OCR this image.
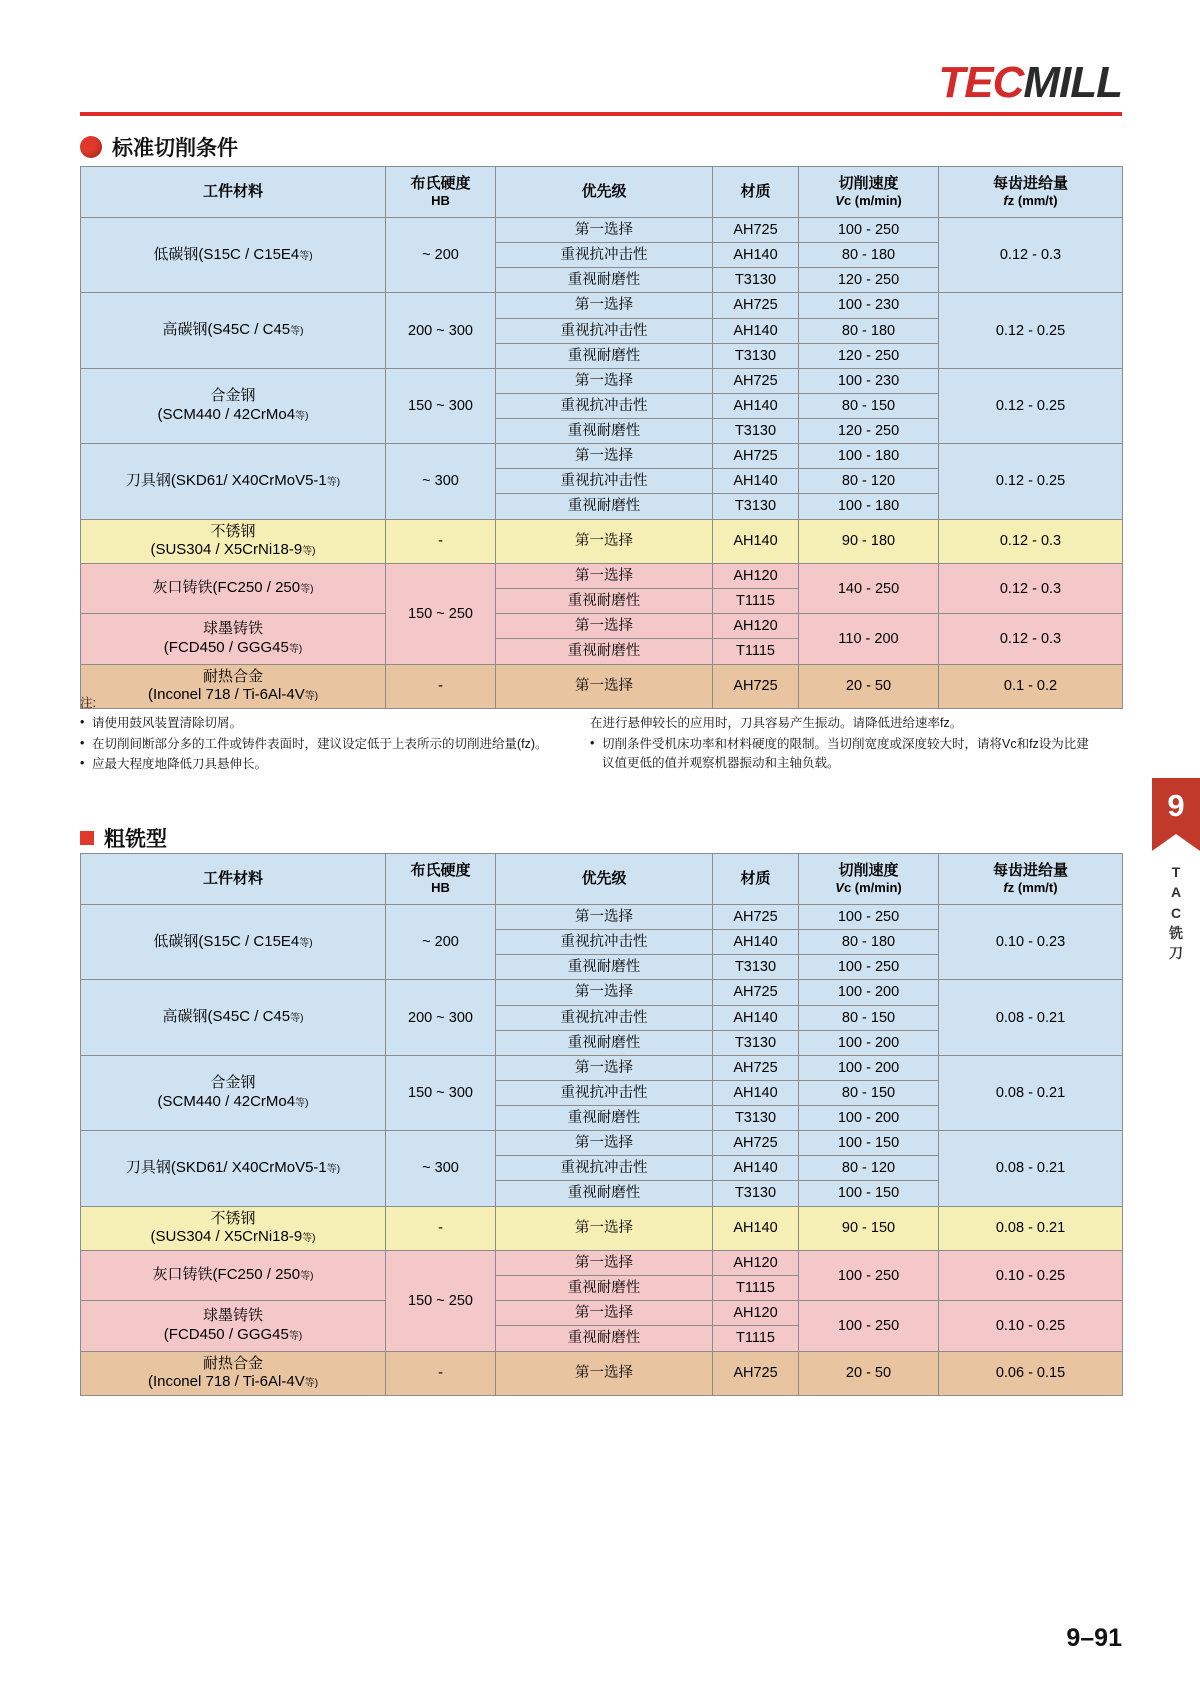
TECMILL
标准切削条件
工件材料	布氏硬度
HB

优先级	材质	切削速度
Vc (m/min)

每齿进给量
fz (mm/t)

低碳钢(S15C / C15E4等)	~ 200	第一选择	AH725	100 - 250	0.12 - 0.3
		重视抗冲击性	AH140	80 - 180	
		重视耐磨性	T3130	120 - 250	

高碳钢(S45C / C45等)	200 ~ 300	第一选择	AH725	100 - 230	0.12 - 0.25
		重视抗冲击性	AH140	80 - 180	
		重视耐磨性	T3130	120 - 250	

合金钢
(SCM440 / 42CrMo4等)	150 ~ 300	第一选择	AH725	100 - 230	0.12 - 0.25
		重视抗冲击性	AH140	80 - 150	
		重视耐磨性	T3130	120 - 250	

刀具钢(SKD61/ X40CrMoV5-1等)	~ 300	第一选择	AH725	100 - 180	0.12 - 0.25
		重视抗冲击性	AH140	80 - 120	
		重视耐磨性	T3130	100 - 180	

不锈钢
(SUS304 / X5CrNi18-9等)	-	第一选择	AH140	90 - 180	0.12 - 0.3

灰口铸铁(FC250 / 250等)	150 ~ 250	第一选择	AH120	140 - 250	0.12 - 0.3
		重视耐磨性	T1115		

球墨铸铁
(FCD450 / GGG45等)		第一选择	AH120	110 - 200	0.12 - 0.3
		重视耐磨性	T1115		

耐热合金
(Inconel 718 / Ti-6Al-4V等)	-	第一选择	AH725	20 - 50	0.1 - 0.2
注:
• 请使用鼓风装置清除切屑。
• 在切削间断部分多的工件或铸件表面时，建议设定低于上表所示的切削进给量(fz)。
• 应最大程度地降低刀具悬伸长。
在进行悬伸较长的应用时，刀具容易产生振动。请降低进给速率fz。
• 切削条件受机床功率和材料硬度的限制。当切削宽度或深度较大时，请将Vc和fz设为比建议值更低的值并观察机器振动和主轴负载。
粗铣型
工件材料	布氏硬度
HB

优先级	材质	切削速度
Vc (m/min)

每齿进给量
fz (mm/t)

低碳钢(S15C / C15E4等)	~ 200	第一选择	AH725	100 - 250	0.10 - 0.23
		重视抗冲击性	AH140	80 - 180	
		重视耐磨性	T3130	100 - 250	

高碳钢(S45C / C45等)	200 ~ 300	第一选择	AH725	100 - 200	0.08 - 0.21
		重视抗冲击性	AH140	80 - 150	
		重视耐磨性	T3130	100 - 200	

合金钢
(SCM440 / 42CrMo4等)	150 ~ 300	第一选择	AH725	100 - 200	0.08 - 0.21
		重视抗冲击性	AH140	80 - 150	
		重视耐磨性	T3130	100 - 200	

刀具钢(SKD61/ X40CrMoV5-1等)	~ 300	第一选择	AH725	100 - 150	0.08 - 0.21
		重视抗冲击性	AH140	80 - 120	
		重视耐磨性	T3130	100 - 150	

不锈钢
(SUS304 / X5CrNi18-9等)	-	第一选择	AH140	90 - 150	0.08 - 0.21

灰口铸铁(FC250 / 250等)	150 ~ 250	第一选择	AH120	100 - 250	0.10 - 0.25
		重视耐磨性	T1115		

球墨铸铁
(FCD450 / GGG45等)		第一选择	AH120	100 - 250	0.10 - 0.25
		重视耐磨性	T1115		

耐热合金
(Inconel 718 / Ti-6Al-4V等)	-	第一选择	AH725	20 - 50	0.06 - 0.15
9
T
A
C
铣
刀
9–91
